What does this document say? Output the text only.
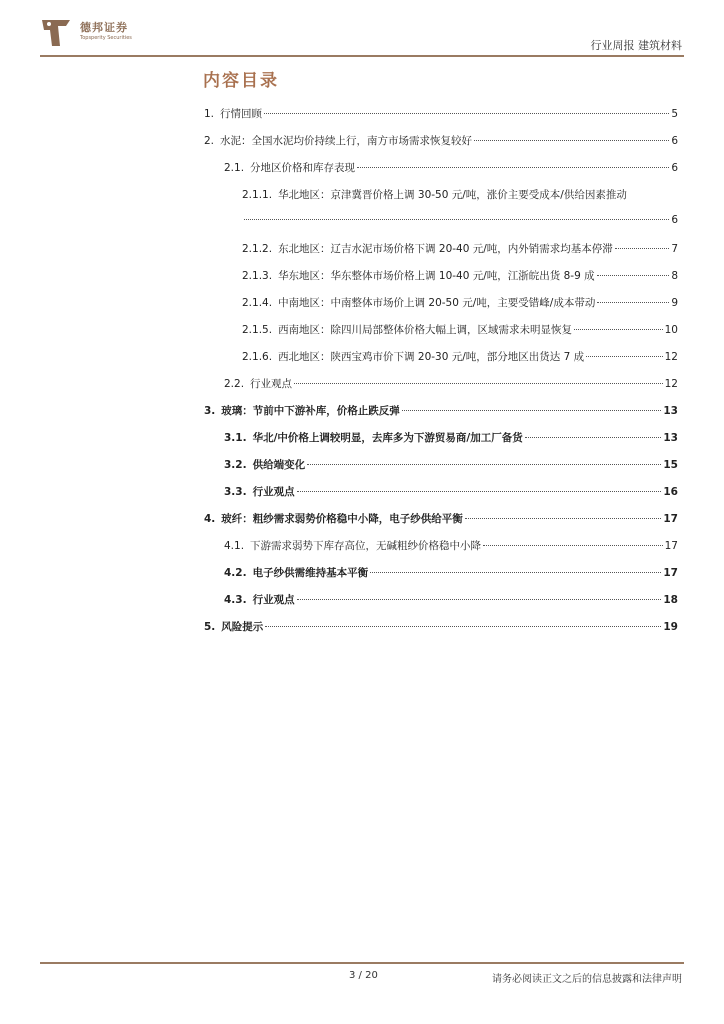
德邦证券
Topsperity Securities
行业周报 建筑材料
内容目录
1. 行情回顾	5
2. 水泥：全国水泥均价持续上行，南方市场需求恢复较好	6
2.1. 分地区价格和库存表现	6
2.1.1. 华北地区：京津冀晋价格上调 30-50 元/吨，涨价主要受成本/供给因素推动
6
2.1.2. 东北地区：辽吉水泥市场价格下调 20-40 元/吨，内外销需求均基本停滞	7
2.1.3. 华东地区：华东整体市场价格上调 10-40 元/吨，江浙皖出货 8-9 成	8
2.1.4. 中南地区：中南整体市场价上调 20-50 元/吨，主要受错峰/成本带动	9
2.1.5. 西南地区：除四川局部整体价格大幅上调，区域需求未明显恢复	10
2.1.6. 西北地区：陕西宝鸡市价下调 20-30 元/吨，部分地区出货达 7 成	12
2.2. 行业观点	12
3. 玻璃：节前中下游补库，价格止跌反弹	13
3.1. 华北/中价格上调较明显，去库多为下游贸易商/加工厂备货	13
3.2. 供给端变化	15
3.3. 行业观点	16
4. 玻纤：粗纱需求弱势价格稳中小降，电子纱供给平衡	17
4.1. 下游需求弱势下库存高位，无碱粗纱价格稳中小降	17
4.2. 电子纱供需维持基本平衡	17
4.3. 行业观点	18
5. 风险提示	19
3 / 20	请务必阅读正文之后的信息披露和法律声明
